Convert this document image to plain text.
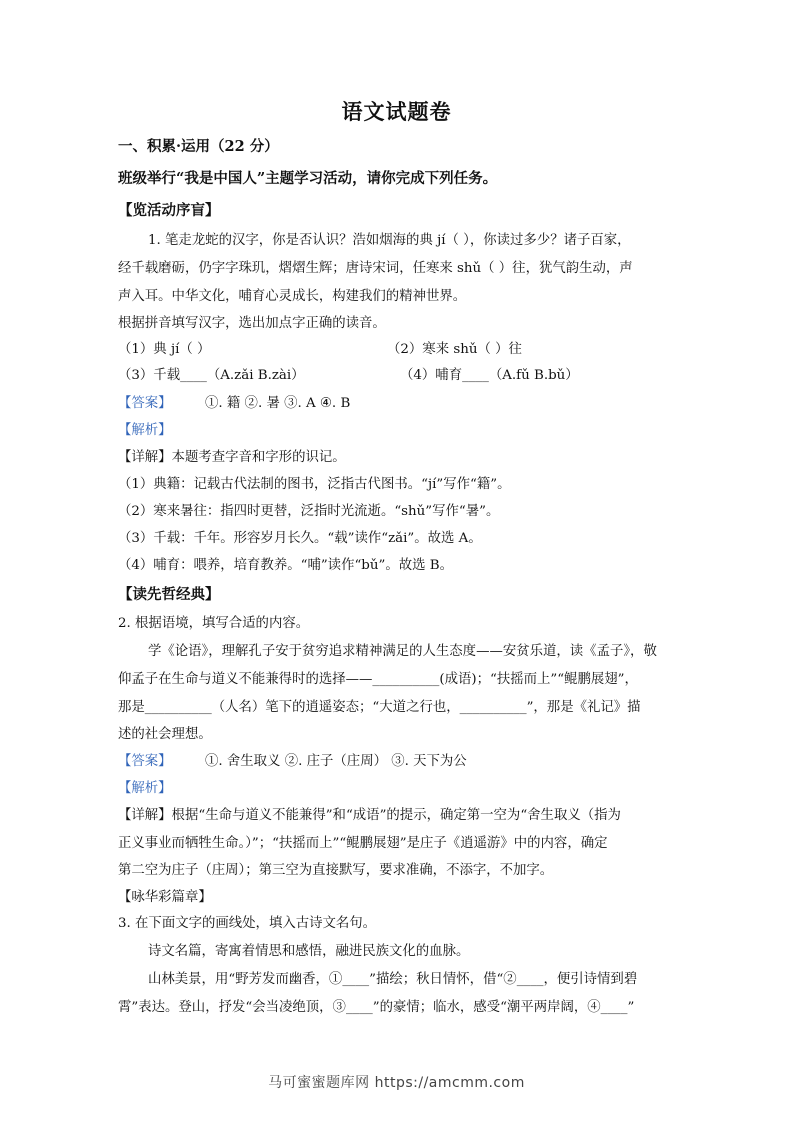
语文试题卷
一、积累·运用（22 分）
班级举行“我是中国人”主题学习活动，请你完成下列任务。
【览活动序盲】
1. 笔走龙蛇的汉字，你是否认识？浩如烟海的典 jí（ ），你读过多少？诸子百家，
经千载磨砺，仍字字珠玑，熠熠生辉；唐诗宋词，任寒来 shǔ（ ）往，犹气韵生动，声
声入耳。中华文化，哺育心灵成长，构建我们的精神世界。
根据拼音填写汉字，选出加点字正确的读音。
（1）典 jí（ ）	（2）寒来 shǔ（ ）往
（3）千载____（A.zǎi B.zài）	（4）哺育____（A.fǔ B.bǔ）
【答案】	①. 籍 ②. 暑 ③. A ④. B
【解析】
【详解】本题考查字音和字形的识记。
（1）典籍：记载古代法制的图书，泛指古代图书。“jí”写作“籍”。
（2）寒来暑往：指四时更替，泛指时光流逝。“shǔ”写作“暑”。
（3）千载：千年。形容岁月长久。“载”读作“zǎi”。故选 A。
（4）哺育：喂养，培育教养。“哺”读作“bǔ”。故选 B。
【读先哲经典】
2. 根据语境，填写合适的内容。
学《论语》，理解孔子安于贫穷追求精神满足的人生态度——安贫乐道，读《孟子》，敬
仰孟子在生命与道义不能兼得时的选择——__________(成语)；“扶摇而上”“鲲鹏展翅”，
那是__________（人名）笔下的逍遥姿态；“大道之行也，__________”，那是《礼记》描
述的社会理想。
【答案】	①. 舍生取义 ②. 庄子（庄周） ③. 天下为公
【解析】
【详解】根据“生命与道义不能兼得”和“成语”的提示，确定第一空为“舍生取义（指为
正义事业而牺牲生命。）”；“扶摇而上”“鲲鹏展翅”是庄子《逍遥游》中的内容，确定
第二空为庄子（庄周）；第三空为直接默写，要求准确，不添字，不加字。
【咏华彩篇章】
3. 在下面文字的画线处，填入古诗文名句。
诗文名篇，寄寓着情思和感悟，融进民族文化的血脉。
山林美景，用“野芳发而幽香，①____”描绘；秋日情怀，借“②____，便引诗情到碧
霄”表达。登山，抒发“会当凌绝顶，③____”的豪情；临水，感受“潮平两岸阔，④____”
马可蜜蜜题库网 https://amcmm.com
